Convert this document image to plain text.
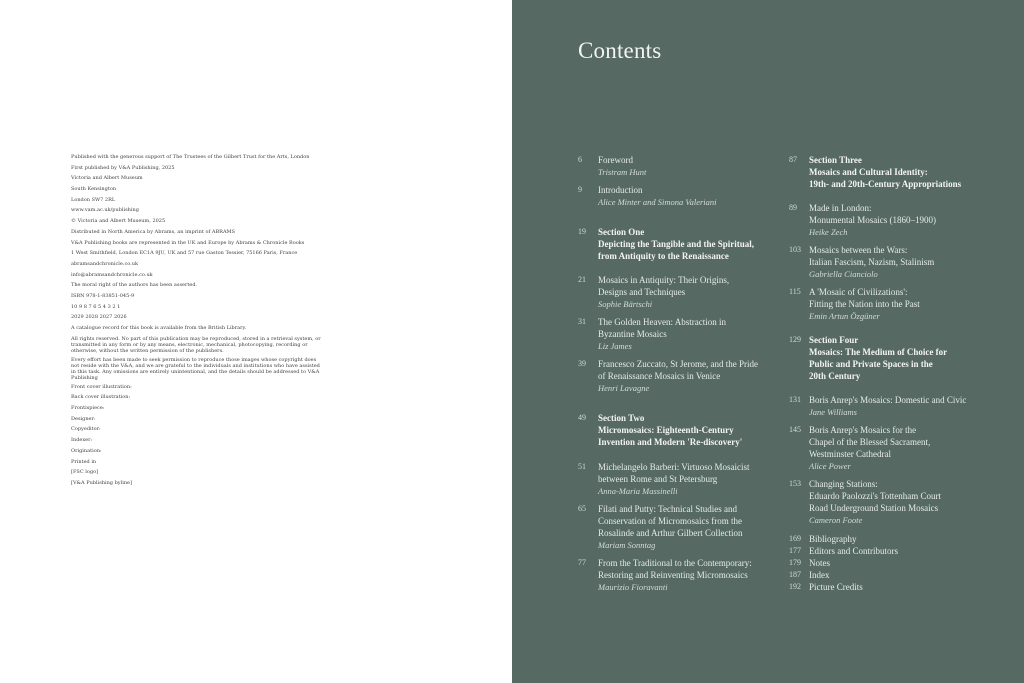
Published with the generous support of The Trustees of the Gilbert Trust for the Arts, London
First published by V&A Publishing, 2025
Victoria and Albert Museum
South Kensington
London SW7 2RL
www.vam.ac.uk/publishing
© Victoria and Albert Museum, 2025
Distributed in North America by Abrams, an imprint of ABRAMS
V&A Publishing books are represented in the UK and Europe by Abrams & Chronicle Books
1 West Smithfield, London EC1A 9JU, UK and 57 rue Gaston Tessier, 75166 Paris, France
abramsandchronicle.co.uk
info@abramsandchronicle.co.uk
The moral right of the authors has been asserted.
ISBN 978-1-83851-045-9
10 9 8 7 6 5 4 3 2 1
2029 2028 2027 2026
A catalogue record for this book is available from the British Library.
All rights reserved. No part of this publication may be reproduced, stored in a retrieval system, or transmitted in any form or by any means, electronic, mechanical, photocopying, recording or otherwise, without the written permission of the publishers.
Every effort has been made to seek permission to reproduce those images whose copyright does not reside with the V&A, and we are grateful to the individuals and institutions who have assisted in this task. Any omissions are entirely unintentional, and the details should be addressed to V&A Publishing
Front cover illustration:
Back cover illustration:
Frontispiece:
Designer:
Copyeditor:
Indexer:
Origination:
Printed in
[FSC logo]
[V&A Publishing byline]
Contents
6	Foreword
Tristram Hunt
9	Introduction
Alice Minter and Simona Valeriani
19	Section One
Depicting the Tangible and the Spiritual,
from Antiquity to the Renaissance
21	Mosaics in Antiquity: Their Origins,
Designs and Techniques
Sophie Bärtschi
31	The Golden Heaven: Abstraction in
Byzantine Mosaics
Liz James
39	Francesco Zuccato, St Jerome, and the Pride
of Renaissance Mosaics in Venice
Henri Lavagne
49	Section Two
Micromosaics: Eighteenth-Century
Invention and Modern 'Re-discovery'
51	Michelangelo Barberi: Virtuoso Mosaicist
between Rome and St Petersburg
Anna-Maria Massinelli
65	Filati and Putty: Technical Studies and
Conservation of Micromosaics from the
Rosalinde and Arthur Gilbert Collection
Mariam Sonntag
77	From the Traditional to the Contemporary:
Restoring and Reinventing Micromosaics
Maurizio Fioravanti
87	Section Three
Mosaics and Cultural Identity:
19th- and 20th-Century Appropriations
89	Made in London:
Monumental Mosaics (1860–1900)
Heike Zech
103 Mosaics between the Wars:
Italian Fascism, Nazism, Stalinism
Gabriella Cianciolo
115 A 'Mosaic of Civilizations':
Fitting the Nation into the Past
Emin Artun Özgüner
129 Section Four
Mosaics: The Medium of Choice for
Public and Private Spaces in the
20th Century
131 Boris Anrep's Mosaics: Domestic and Civic
Jane Williams
145 Boris Anrep's Mosaics for the
Chapel of the Blessed Sacrament,
Westminster Cathedral
Alice Power
153 Changing Stations:
Eduardo Paolozzi's Tottenham Court
Road Underground Station Mosaics
Cameron Foote
169 Bibliography
177 Editors and Contributors
179 Notes
187 Index
192 Picture Credits
